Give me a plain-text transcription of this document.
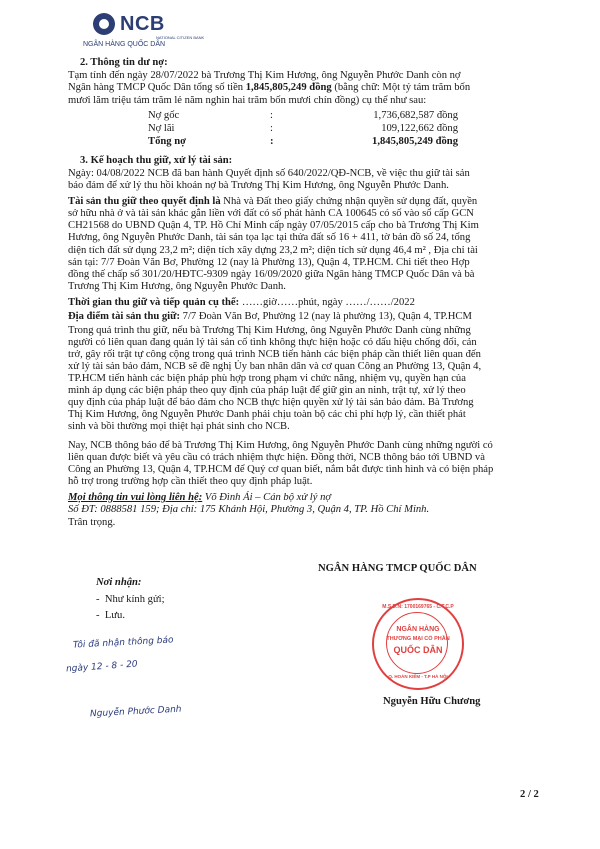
NCB
NATIONAL CITIZEN BANK
NGÂN HÀNG QUỐC DÂN
2. Thông tin dư nợ:
Tạm tính đến ngày 28/07/2022 bà Trương Thị Kim Hương, ông Nguyễn Phước Danh còn nợ
Ngân hàng TMCP Quốc Dân tổng số tiền 1,845,805,249 đồng (bằng chữ: Một tỷ tám trăm bốn
mươi lăm triệu tám trăm lẻ năm nghìn hai trăm bốn mươi chín đồng) cụ thể như sau:
Nợ gốc	:	1,736,682,587 đồng
Nợ lãi	:	109,122,662 đồng
Tổng nợ	:	1,845,805,249 đồng
3. Kế hoạch thu giữ, xử lý tài sản:
Ngày: 04/08/2022 NCB đã ban hành Quyết định số 640/2022/QĐ-NCB, về việc thu giữ tài sản
bảo đảm để xử lý thu hồi khoản nợ bà Trương Thị Kim Hương, ông Nguyễn Phước Danh.
Tài sản thu giữ theo quyết định là Nhà và Đất theo giấy chứng nhận quyền sử dụng đất, quyền
sở hữu nhà ở và tài sản khác gắn liền với đất có số phát hành CA 100645 có số vào sổ cấp GCN
CH21568 do UBND Quận 4, TP. Hồ Chí Minh cấp ngày 07/05/2015 cấp cho bà Trương Thị Kim
Hương, ông Nguyễn Phước Danh, tài sản tọa lạc tại thửa đất số 16 + 411, tờ bản đồ số 24, tổng
diện tích đất sử dụng 23,2 m²; diện tích xây dựng 23,2 m²; diện tích sử dụng 46,4 m² , Địa chỉ tài
sản tại: 7/7 Đoàn Văn Bơ, Phường 12 (nay là Phường 13), Quận 4, TP.HCM. Chi tiết theo Hợp
đồng thế chấp số 301/20/HĐTC-9309 ngày 16/09/2020 giữa Ngân hàng TMCP Quốc Dân và bà
Trương Thị Kim Hương, ông Nguyễn Phước Danh.
Thời gian thu giữ và tiếp quản cụ thể: ……giờ……phút, ngày ……/……/2022
Địa điểm tài sản thu giữ: 7/7 Đoàn Văn Bơ, Phường 12 (nay là phường 13), Quận 4, TP.HCM
Trong quá trình thu giữ, nếu bà Trương Thị Kim Hương, ông Nguyễn Phước Danh cùng những
người có liên quan đang quản lý tài sản cố tình không thực hiện hoặc có dấu hiệu chống đối, cản
trở, gây rối trật tự công cộng trong quá trình NCB tiến hành các biện pháp cần thiết liên quan đến
xử lý tài sản bảo đảm, NCB sẽ đề nghị Ủy ban nhân dân và cơ quan Công an Phường 13, Quận 4,
TP.HCM tiến hành các biện pháp phù hợp trong phạm vi chức năng, nhiệm vụ, quyền hạn của
mình áp dụng các biện pháp theo quy định của pháp luật để giữ gìn an ninh, trật tự, xử lý theo
quy định của pháp luật để bảo đảm cho NCB thực hiện quyền xử lý tài sản bảo đảm. Bà Trương
Thị Kim Hương, ông Nguyễn Phước Danh phải chịu toàn bộ các chi phí hợp lý, cần thiết phát
sinh và bồi thường mọi thiệt hại phát sinh cho NCB.
Nay, NCB thông báo để bà Trương Thị Kim Hương, ông Nguyễn Phước Danh cùng những người có
liên quan được biết và yêu cầu có trách nhiệm thực hiện. Đồng thời, NCB thông báo tới UBND và
Công an Phường 13, Quận 4, TP.HCM để Quý cơ quan biết, nắm bắt được tình hình và có biện pháp
hỗ trợ trong trường hợp cần thiết theo quy định pháp luật.
Mọi thông tin vui lòng liên hệ: Võ Đình Ái – Cán bộ xử lý nợ
Số ĐT: 0888581 159; Địa chỉ: 175 Khánh Hội, Phường 3, Quận 4, TP. Hồ Chí Minh.
Trân trọng.
NGÂN HÀNG TMCP QUỐC DÂN
M.S.D.N: 1700169765 - C.T.C.P
NGÂN HÀNG
THƯƠNG MẠI CỔ PHẦN
QUỐC DÂN
Q. HOÀN KIẾM - T.P HÀ NỘI
Nguyễn Hữu Chương
Nơi nhận:
-  Như kính gửi;
-  Lưu.
Tôi đã nhận thông báo
ngày 12 - 8 - 20
Nguyễn Phước Danh
2 / 2
